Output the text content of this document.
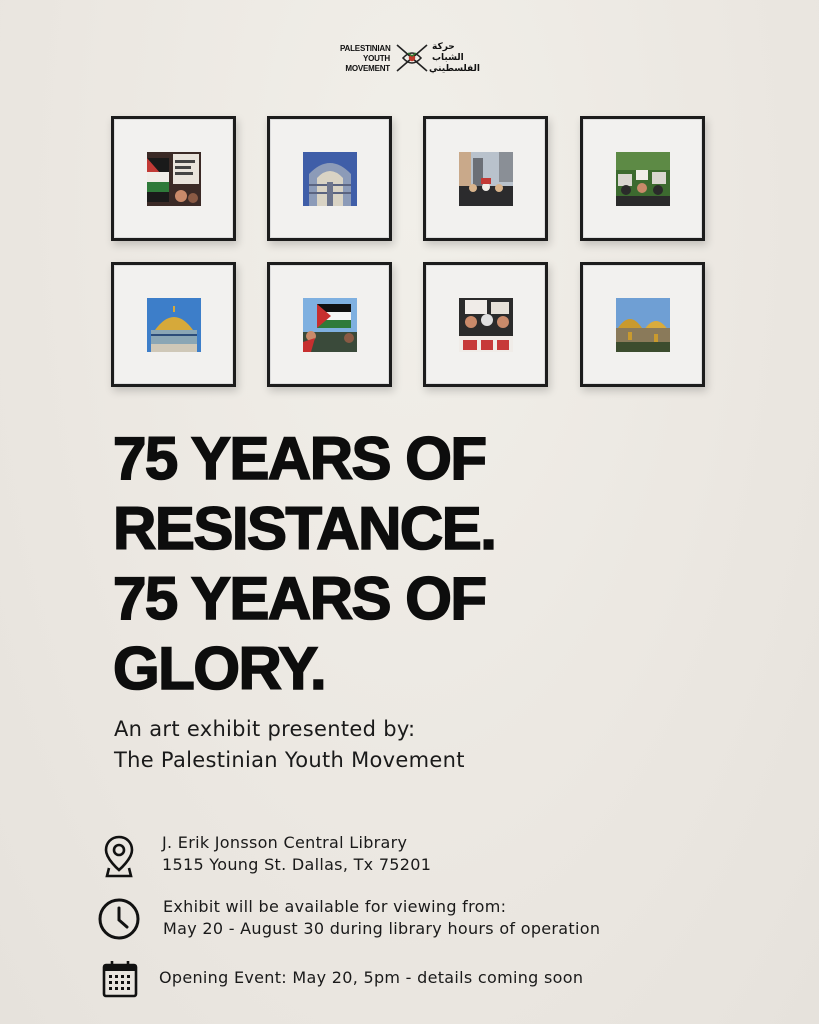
PALESTINIAN
YOUTH
MOVEMENT
حركة
الشباب
الفلسطيني
75 YEARS OF
RESISTANCE.
75 YEARS OF
GLORY.
An art exhibit presented by:
The Palestinian Youth Movement
J. Erik Jonsson Central Library
1515 Young St. Dallas, Tx 75201
Exhibit will be available for viewing from:
May 20 - August 30 during library hours of operation
Opening Event: May 20, 5pm - details coming soon
